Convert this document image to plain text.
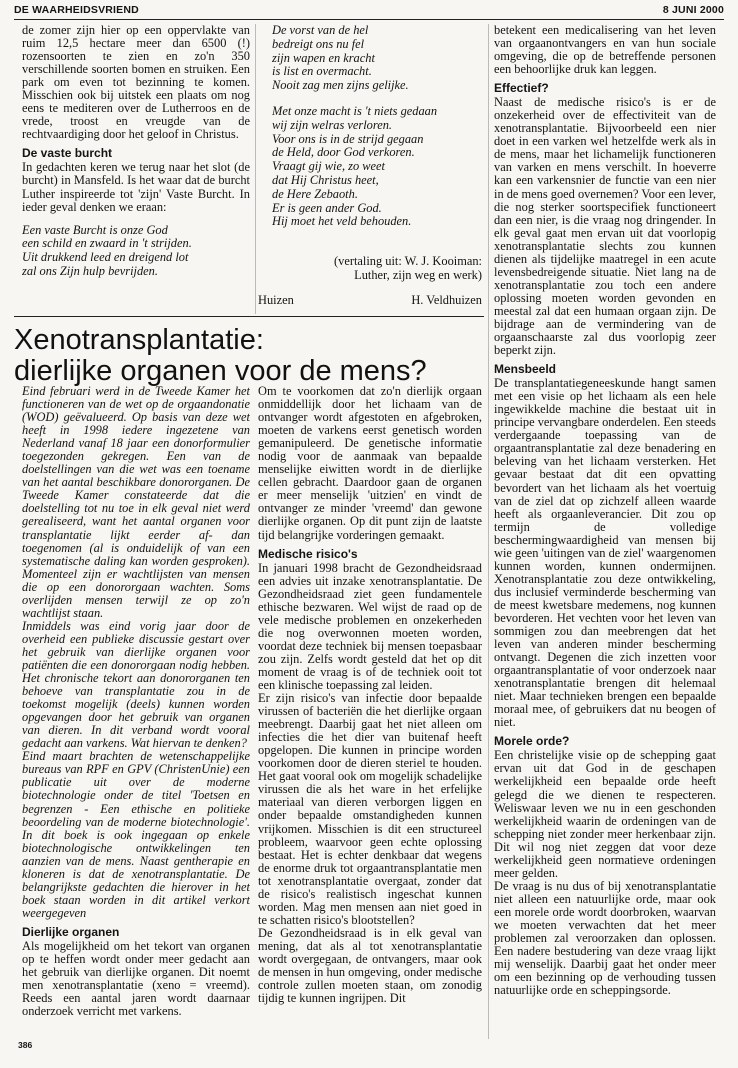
DE WAARHEIDSVRIEND	8 JUNI 2000

de zomer zijn hier op een oppervlakte van ruim 12,5 hectare meer dan 6500 (!) rozensoorten te zien en zo'n 350 verschillende soorten bomen en struiken. Een park om even tot bezinning te komen. Misschien ook bij uitstek een plaats om nog eens te mediteren over de Lutherroos en de vrede, troost en vreugde van de rechtvaardiging door het geloof in Christus.

De vaste burcht

In gedachten keren we terug naar het slot (de burcht) in Mansfeld. Is het waar dat de burcht Luther inspireerde tot 'zijn' Vaste Burcht. In ieder geval denken we eraan:

Een vaste Burcht is onze God

een schild en zwaard in 't strijden.

Uit drukkend leed en dreigend lot

zal ons Zijn hulp bevrijden.

De vorst van de hel

bedreigt ons nu fel

zijn wapen en kracht

is list en overmacht.

Nooit zag men zijns gelijke.

Met onze macht is 't niets gedaan

wij zijn welras verloren.

Voor ons is in de strijd gegaan

de Held, door God verkoren.

Vraagt gij wie, zo weet

dat Hij Christus heet,

de Here Zebaoth.

Er is geen ander God.

Hij moet het veld behouden.

(vertaling uit: W. J. Kooiman:
Luther, zijn weg en werk)
Huizen	H. Veldhuizen
Xenotransplantatie:
dierlijke organen voor de mens?

Eind februari werd in de Tweede Kamer het functioneren van de wet op de orgaandonatie (WOD) geëvalueerd. Op basis van deze wet heeft in 1998 iedere ingezetene van Nederland vanaf 18 jaar een donorformulier toegezonden gekregen. Een van de doelstellingen van die wet was een toename van het aantal beschikbare donororganen. De Tweede Kamer constateerde dat die doelstelling tot nu toe in elk geval niet werd gerealiseerd, want het aantal organen voor transplantatie lijkt eerder af- dan toegenomen (al is onduidelijk of van een systematische daling kan worden gesproken). Momenteel zijn er wachtlijsten van mensen die op een donororgaan wachten. Soms overlijden mensen terwijl ze op zo'n wachtlijst staan.

Inmiddels was eind vorig jaar door de overheid een publieke discussie gestart over het gebruik van dierlijke organen voor patiënten die een donororgaan nodig hebben. Het chronische tekort aan donororganen ten behoeve van transplantatie zou in de toekomst mogelijk (deels) kunnen worden opgevangen door het gebruik van organen van dieren. In dit verband wordt vooral gedacht aan varkens. Wat hiervan te denken?

Eind maart brachten de wetenschappelijke bureaus van RPF en GPV (ChristenUnie) een publicatie uit over de moderne biotechnologie onder de titel 'Toetsen en begrenzen - Een ethische en politieke beoordeling van de moderne biotechnologie'. In dit boek is ook ingegaan op enkele biotechnologische ontwikkelingen ten aanzien van de mens. Naast gentherapie en kloneren is dat de xenotransplantatie. De belangrijkste gedachten die hierover in het boek staan worden in dit artikel verkort weergegeven

Dierlijke organen

Als mogelijkheid om het tekort van organen op te heffen wordt onder meer gedacht aan het gebruik van dierlijke organen. Dit noemt men xenotransplantatie (xeno = vreemd). Reeds een aantal jaren wordt daarnaar onderzoek verricht met varkens.

Om te voorkomen dat zo'n dierlijk orgaan onmiddellijk door het lichaam van de ontvanger wordt afgestoten en afgebroken, moeten de varkens eerst genetisch worden gemanipuleerd. De genetische informatie nodig voor de aanmaak van bepaalde menselijke eiwitten wordt in de dierlijke cellen gebracht. Daardoor gaan de organen er meer menselijk 'uitzien' en vindt de ontvanger ze minder 'vreemd' dan gewone dierlijke organen. Op dit punt zijn de laatste tijd belangrijke vorderingen gemaakt.

Medische risico's

In januari 1998 bracht de Gezondheidsraad een advies uit inzake xenotransplantatie. De Gezondheidsraad ziet geen fundamentele ethische bezwaren. Wel wijst de raad op de vele medische problemen en onzekerheden die nog overwonnen moeten worden, voordat deze techniek bij mensen toepasbaar zou zijn. Zelfs wordt gesteld dat het op dit moment de vraag is of de techniek ooit tot een klinische toepassing zal leiden.

Er zijn risico's van infectie door bepaalde virussen of bacteriën die het dierlijke orgaan meebrengt. Daarbij gaat het niet alleen om infecties die het dier van buitenaf heeft opgelopen. Die kunnen in principe worden voorkomen door de dieren steriel te houden. Het gaat vooral ook om mogelijk schadelijke virussen die als het ware in het erfelijke materiaal van dieren verborgen liggen en onder bepaalde omstandigheden kunnen vrijkomen. Misschien is dit een structureel probleem, waarvoor geen echte oplossing bestaat. Het is echter denkbaar dat wegens de enorme druk tot orgaantransplantatie men tot xenotransplantatie overgaat, zonder dat de risico's realistisch ingeschat kunnen worden. Mag men mensen aan niet goed in te schatten risico's blootstellen?

De Gezondheidsraad is in elk geval van mening, dat als al tot xenotransplantatie wordt overgegaan, de ontvangers, maar ook de mensen in hun omgeving, onder medische controle zullen moeten staan, om zonodig tijdig te kunnen ingrijpen. Dit

betekent een medicalisering van het leven van orgaanontvangers en van hun sociale omgeving, die op de betreffende personen een behoorlijke druk kan leggen.

Effectief?

Naast de medische risico's is er de onzekerheid over de effectiviteit van de xenotransplantatie. Bijvoorbeeld een nier doet in een varken wel hetzelfde werk als in de mens, maar het lichamelijk functioneren van varken en mens verschilt. In hoeverre kan een varkensnier de functie van een nier in de mens goed overnemen? Voor een lever, die nog sterker soortspecifiek functioneert dan een nier, is die vraag nog dringender. In elk geval gaat men ervan uit dat voorlopig xenotransplantatie slechts zou kunnen dienen als tijdelijke maatregel in een acute levensbedreigende situatie. Niet lang na de xenotransplantatie zou toch een andere oplossing moeten worden gevonden en meestal zal dat een humaan orgaan zijn. De bijdrage aan de vermindering van de orgaanschaarste zal dus voorlopig zeer beperkt zijn.

Mensbeeld

De transplantatiegeneeskunde hangt samen met een visie op het lichaam als een hele ingewikkelde machine die bestaat uit in principe vervangbare onderdelen. Een steeds verdergaande toepassing van de orgaantransplantatie zal deze benadering en beleving van het lichaam versterken. Het gevaar bestaat dat dit een opvatting bevordert van het lichaam als het voertuig van de ziel dat op zichzelf alleen waarde heeft als orgaanleverancier. Dit zou op termijn de volledige beschermingwaardigheid van mensen bij wie geen 'uitingen van de ziel' waargenomen kunnen worden, kunnen ondermijnen. Xenotransplantatie zou deze ontwikkeling, dus inclusief verminderde bescherming van de meest kwetsbare medemens, nog kunnen bevorderen. Het vechten voor het leven van sommigen zou dan meebrengen dat het leven van anderen minder bescherming ontvangt. Degenen die zich inzetten voor orgaantransplantatie of voor onderzoek naar xenotransplantatie brengen dit helemaal niet. Maar technieken brengen een bepaalde moraal mee, of gebruikers dat nu beogen of niet.

Morele orde?

Een christelijke visie op de schepping gaat ervan uit dat God in de geschapen werkelijkheid een bepaalde orde heeft gelegd die we dienen te respecteren. Weliswaar leven we nu in een geschonden werkelijkheid waarin de ordeningen van de schepping niet zonder meer herkenbaar zijn. Dit wil nog niet zeggen dat voor deze werkelijkheid geen normatieve ordeningen meer gelden.

De vraag is nu dus of bij xenotransplantatie niet alleen een natuurlijke orde, maar ook een morele orde wordt doorbroken, waarvan we moeten verwachten dat het meer problemen zal veroorzaken dan oplossen. Een nadere bestudering van deze vraag lijkt mij wenselijk. Daarbij gaat het onder meer om een bezinning op de verhouding tussen natuurlijke orde en scheppingsorde.

386
